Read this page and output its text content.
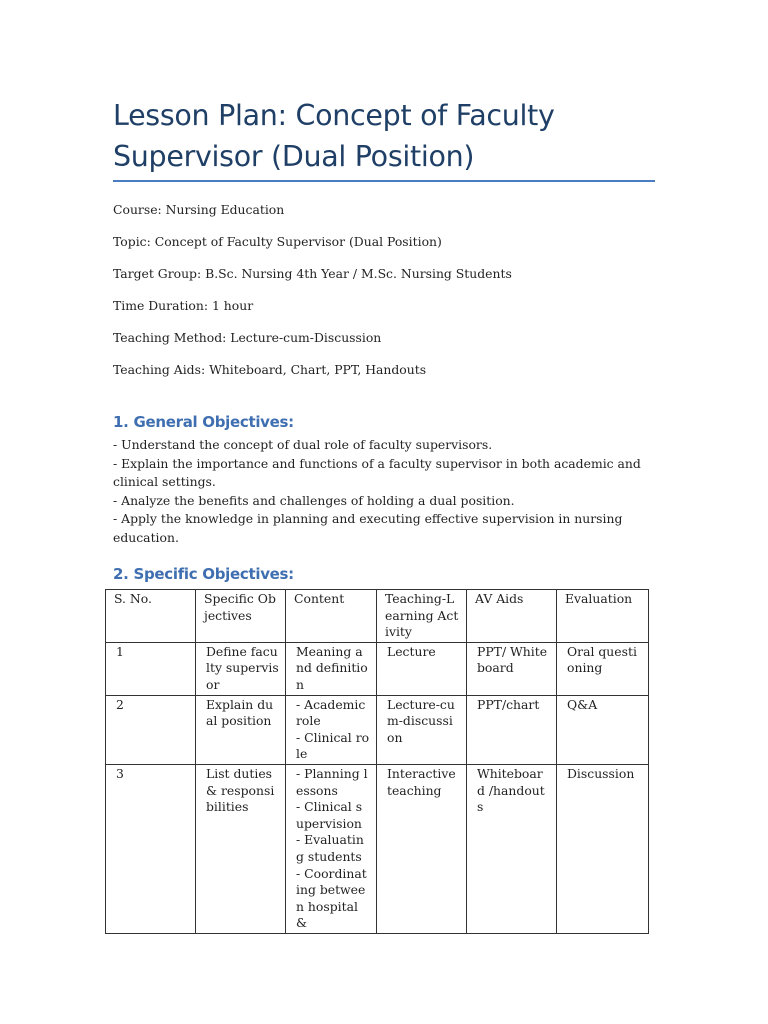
Lesson Plan: Concept of Faculty Supervisor (Dual Position)
Course: Nursing Education
Topic: Concept of Faculty Supervisor (Dual Position)
Target Group: B.Sc. Nursing 4th Year / M.Sc. Nursing Students
Time Duration: 1 hour
Teaching Method: Lecture-cum-Discussion
Teaching Aids: Whiteboard, Chart, PPT, Handouts
1. General Objectives:
- Understand the concept of dual role of faculty supervisors.
- Explain the importance and functions of a faculty supervisor in both academic and clinical settings.
- Analyze the benefits and challenges of holding a dual position.
- Apply the knowledge in planning and executing effective supervision in nursing education.
2. Specific Objectives:
S. No.	Specific Objectives	Content	Teaching-Learning Activity	AV Aids	Evaluation
1	Define faculty supervisor	Meaning and definition	Lecture	PPT/ Whiteboard	Oral questioning
2	Explain dual position	- Academic role
- Clinical role	Lecture-cum-discussion	PPT/chart	Q&A
3	List duties & responsibilities	- Planning lessons
- Clinical supervision
- Evaluating students
- Coordinating between hospital &	Interactive teaching	Whiteboard /handouts	Discussion
